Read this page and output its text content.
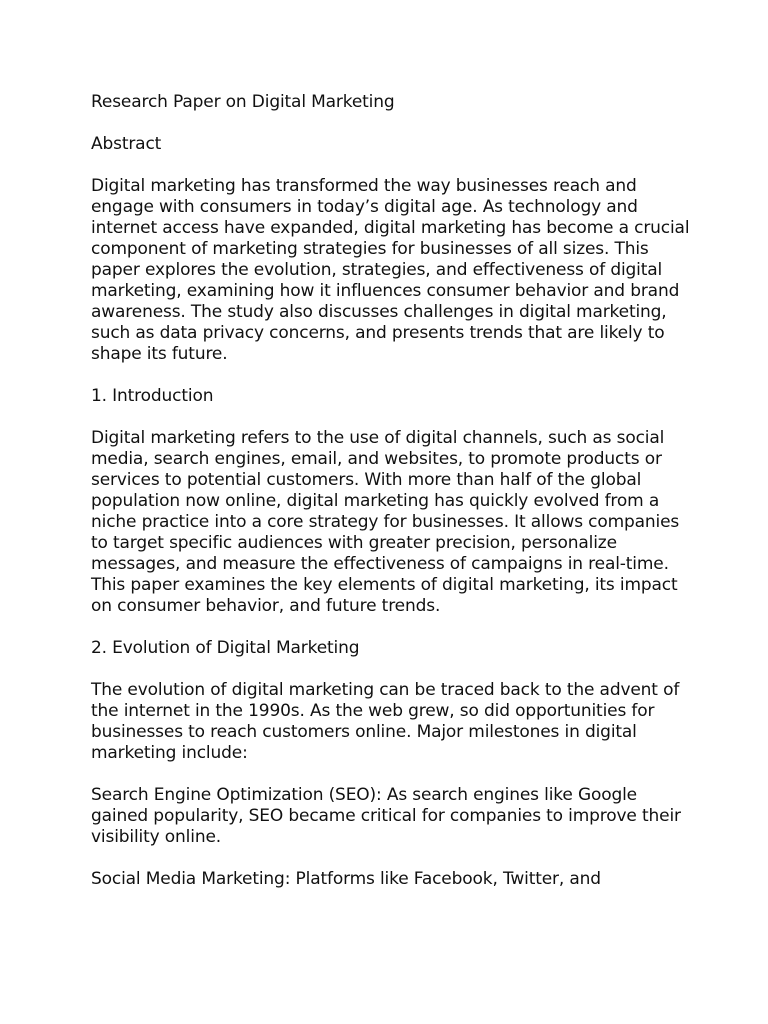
Research Paper on Digital Marketing

Abstract

Digital marketing has transformed the way businesses reach and engage with consumers in today’s digital age. As technology and internet access have expanded, digital marketing has become a crucial component of marketing strategies for businesses of all sizes. This paper explores the evolution, strategies, and effectiveness of digital marketing, examining how it influences consumer behavior and brand awareness. The study also discusses challenges in digital marketing, such as data privacy concerns, and presents trends that are likely to shape its future.

1. Introduction

Digital marketing refers to the use of digital channels, such as social media, search engines, email, and websites, to promote products or services to potential customers. With more than half of the global population now online, digital marketing has quickly evolved from a niche practice into a core strategy for businesses. It allows companies to target specific audiences with greater precision, personalize messages, and measure the effectiveness of campaigns in real-time. This paper examines the key elements of digital marketing, its impact on consumer behavior, and future trends.

2. Evolution of Digital Marketing

The evolution of digital marketing can be traced back to the advent of the internet in the 1990s. As the web grew, so did opportunities for businesses to reach customers online. Major milestones in digital marketing include:

Search Engine Optimization (SEO): As search engines like Google gained popularity, SEO became critical for companies to improve their visibility online.

Social Media Marketing: Platforms like Facebook, Twitter, and
